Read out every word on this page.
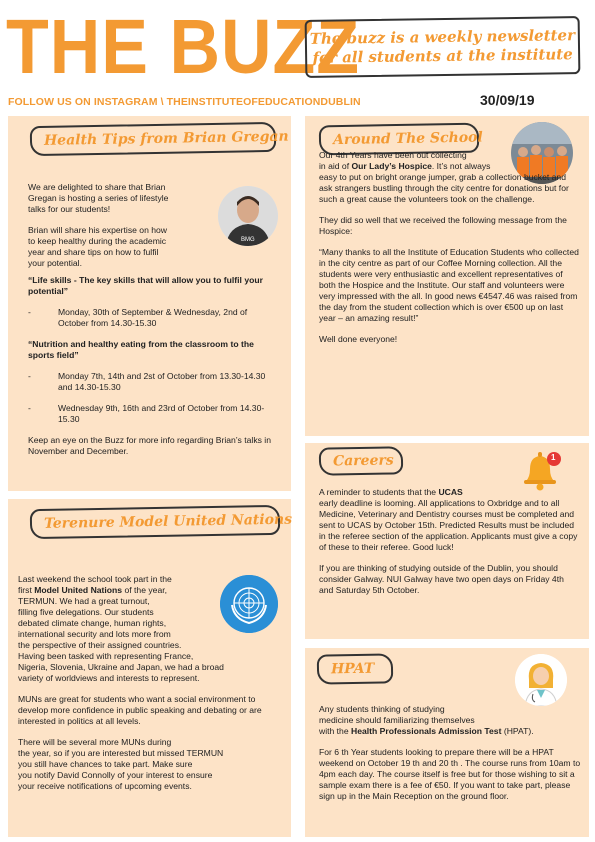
THE BUZZ
FOLLOW US ON INSTAGRAM \ THEINSTITUTEOFEDUCATIONDUBLIN
The buzz is a weekly newsletter
for all students at the institute
30/09/19
Health Tips from Brian Gregan
BMG
We are delighted to share that Brian
Gregan is hosting a series of lifestyle
talks for our students!
Brian will share his expertise on how
to keep healthy during the academic
year and share tips on how to fulfil
your potential.

“Life skills - The key skills that will allow you to fulfil your potential”

-	Monday, 30th of September & Wednesday, 2nd of October from 14.30-15.30

“Nutrition and healthy eating from the classroom to the sports field”

-	Monday 7th, 14th and 2st of October from 13.30-14.30 and 14.30-15.30
-	Wednesday 9th, 16th and 23rd of October from 14.30-15.30

Keep an eye on the Buzz for more info regarding Brian’s talks in November and December.

Terenure Model United Nations
Last weekend the school took part in the
first Model United Nations of the year,
TERMUN. We had a great turnout,
filling five delegations. Our students
debated climate change, human rights,
international security and lots more from
the perspective of their assigned countries.
Having been tasked with representing France,
Nigeria, Slovenia, Ukraine and Japan, we had a broad
variety of worldviews and interests to represent.

MUNs are great for students who want a social environment to develop more confidence in public speaking and debating or are interested in politics at all levels.

There will be several more MUNs during
the year, so if you are interested but missed TERMUN
you still have chances to take part. Make sure
you notify David Connolly of your interest to ensure
your receive notifications of upcoming events.
Around The School
Our 4th Years have been out collecting
in aid of Our Lady’s Hospice. It’s not always

easy to put on bright orange jumper, grab a collection bucket and ask strangers bustling through the city centre for donations but for such a great cause the volunteers took on the challenge.

They did so well that we received the following message from the Hospice:

“Many thanks to all the Institute of Education Students who collected in the city centre as part of our Coffee Morning collection. All the students were very enthusiastic and excellent representatives of both the Hospice and the Institute. Our staff and volunteers were very impressed with the all. In good news €4547.46 was raised from the day from the student collection which is over €500 up on last year – an amazing result!”

Well done everyone!

Careers	1
A reminder to students that the UCAS

early deadline is looming. All applications to Oxbridge and to all Medicine, Veterinary and Dentistry courses must be completed and sent to UCAS by October 15th. Predicted Results must be included in the referee section of the application. Applicants must give a copy of these to their referee. Good luck!

If you are thinking of studying outside of the Dublin, you should consider Galway. NUI Galway have two open days on Friday 4th and Saturday 5th October.

HPAT
Any students thinking of studying
medicine should familiarizing themselves
with the Health Professionals Admission Test (HPAT).

For 6 th Year students looking to prepare there will be a HPAT weekend on October 19 th and 20 th . The course runs from 10am to 4pm each day. The course itself is free but for those wishing to sit a sample exam there is a fee of €50. If you want to take part, please sign up in the Main Reception on the ground floor.
